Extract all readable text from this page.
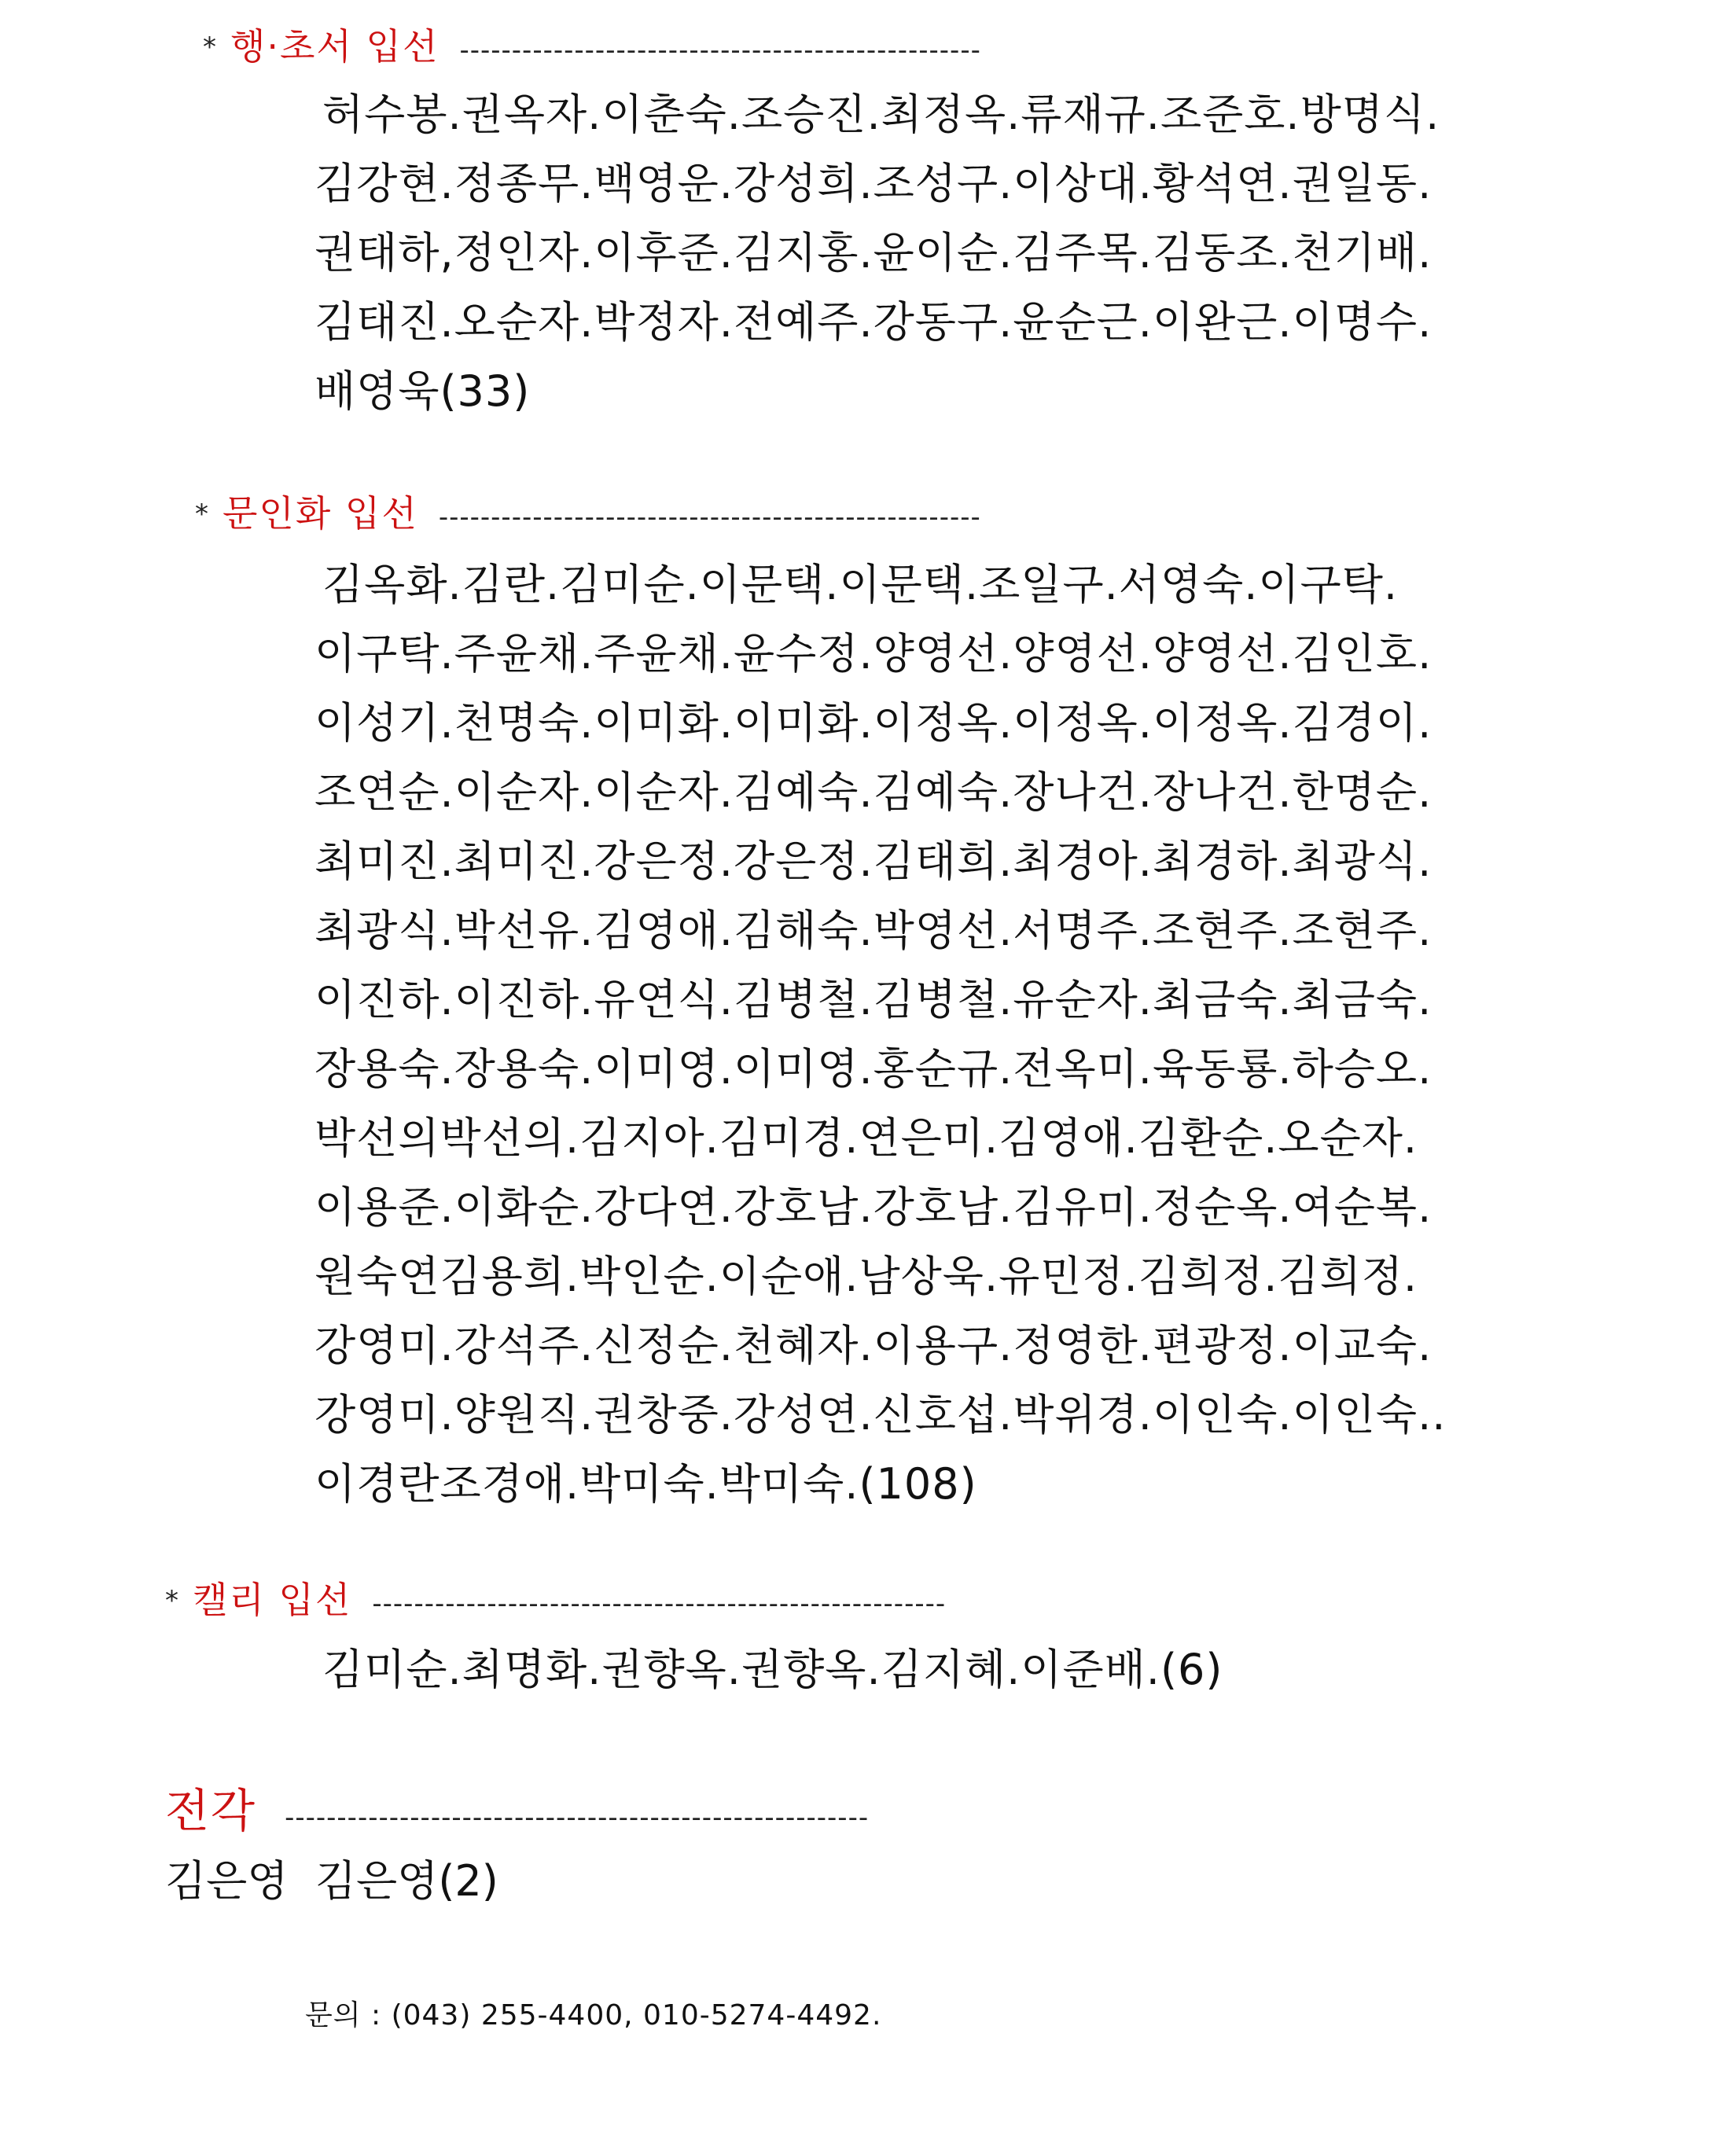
* 행·초서 입선 --------------------------------------------------
허수봉.권옥자.이춘숙.조승진.최정옥.류재규.조준호.방명식.
김강현.정종무.백영운.강성희.조성구.이상대.황석연.권일동.
권태하,정인자.이후준.김지홍.윤이순.김주목.김동조.천기배.
김태진.오순자.박정자.전예주.강동구.윤순근.이완근.이명수.
배영욱(33)
* 문인화 입선 ----------------------------------------------------
김옥화.김란.김미순.이문택.이문택.조일구.서영숙.이구탁.
이구탁.주윤채.주윤채.윤수정.양영선.양영선.양영선.김인호.
이성기.천명숙.이미화.이미화.이정옥.이정옥.이정옥.김경이.
조연순.이순자.이순자.김예숙.김예숙.장나건.장나건.한명순.
최미진.최미진.강은정.강은정.김태희.최경아.최경하.최광식.
최광식.박선유.김영애.김해숙.박영선.서명주.조현주.조현주.
이진하.이진하.유연식.김병철.김병철.유순자.최금숙.최금숙.
장용숙.장용숙.이미영.이미영.홍순규.전옥미.육동룡.하승오.
박선의박선의.김지아.김미경.연은미.김영애.김환순.오순자.
이용준.이화순.강다연.강호남.강호남.김유미.정순옥.여순복.
원숙연김용희.박인순.이순애.남상욱.유민정.김희정.김희정.
강영미.강석주.신정순.천혜자.이용구.정영한.편광정.이교숙.
강영미.양원직.권창중.강성연.신호섭.박위경.이인숙.이인숙..
이경란조경애.박미숙.박미숙.(108)
* 캘리 입선 -------------------------------------------------------
김미순.최명화.권향옥.권향옥.김지혜.이준배.(6)
전각 --------------------------------------------------------
김은영  김은영(2)
문의 : (043) 255-4400, 010-5274-4492.
